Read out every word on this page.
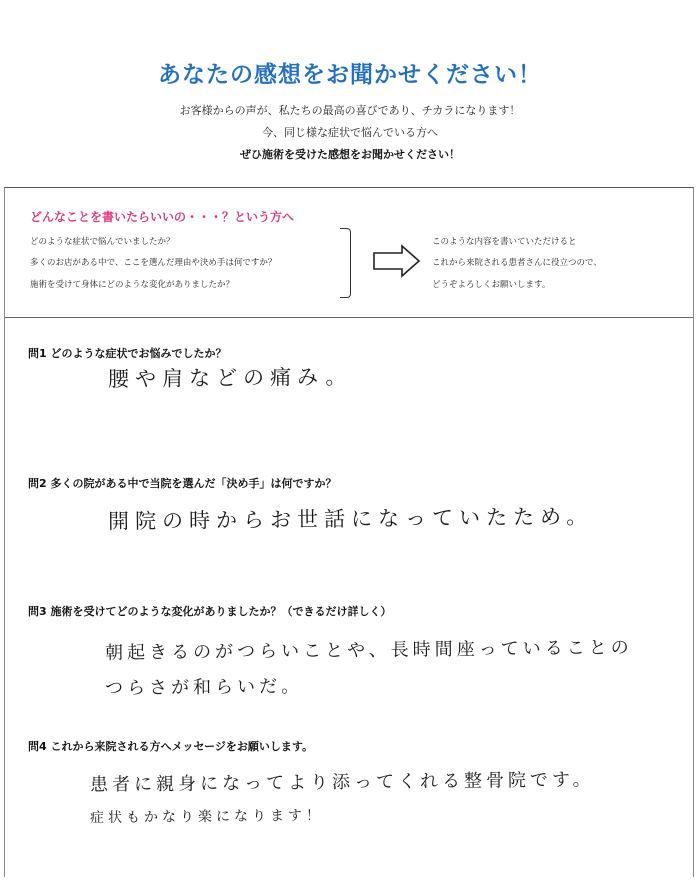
あなたの感想をお聞かせください！
お客様からの声が、私たちの最高の喜びであり、チカラになります！
今、同じ様な症状で悩んでいる方へ
ぜひ施術を受けた感想をお聞かせください！
どんなことを書いたらいいの・・・？という方へ
どのような症状で悩んでいましたか？
多くのお店がある中で、ここを選んだ理由や決め手は何ですか？
施術を受けて身体にどのような変化がありましたか？
このような内容を書いていただけると
これから来院される患者さんに役立つので、
どうぞよろしくお願いします。
問1 どのような症状でお悩みでしたか？
腰や肩などの痛み。
問2 多くの院がある中で当院を選んだ「決め手」は何ですか？
開院の時からお世話になっていたため。
問3 施術を受けてどのような変化がありましたか？（できるだけ詳しく）
朝起きるのがつらいことや、長時間座っていることの
つらさが和らいだ。
問4 これから来院される方へメッセージをお願いします。
患者に親身になってより添ってくれる整骨院です。
症状もかなり楽になります！
